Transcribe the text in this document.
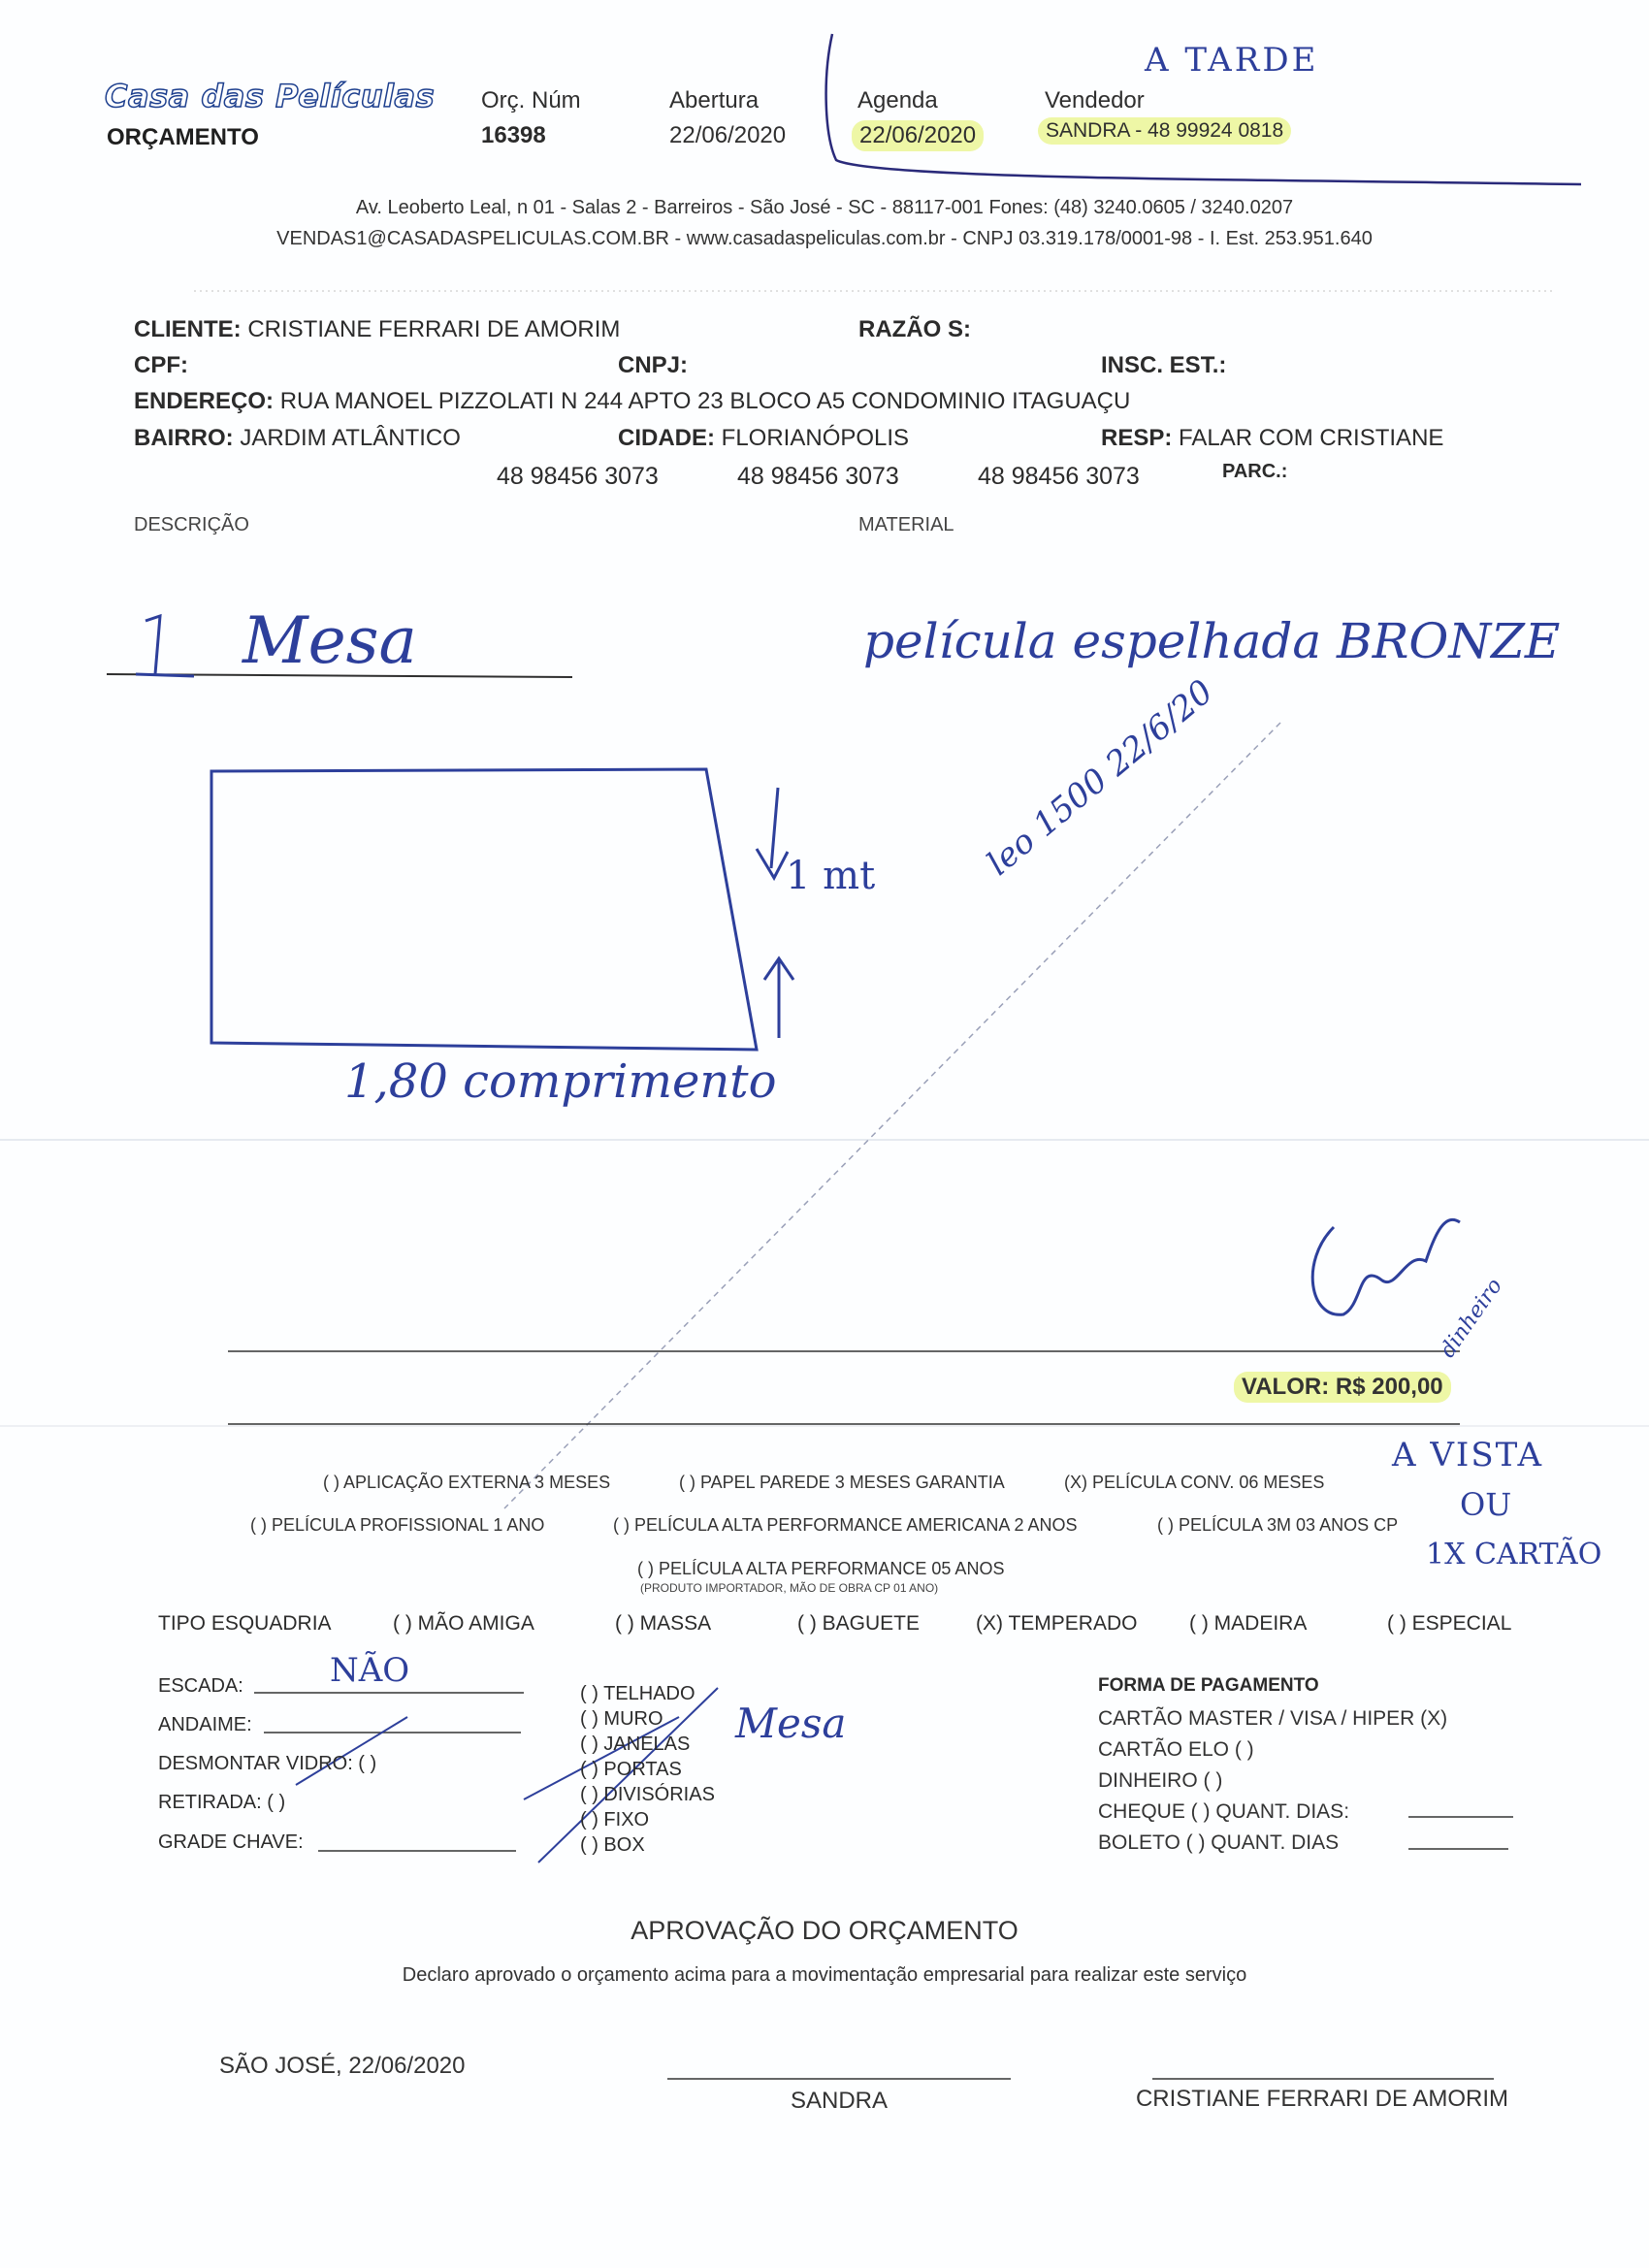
Casa das Películas
ORÇAMENTO
Orç. Núm
16398
Abertura
22/06/2020
Agenda
22/06/2020
Vendedor
SANDRA - 48 99924 0818
A TARDE
Av. Leoberto Leal, n 01 - Salas 2 - Barreiros - São José - SC - 88117-001 Fones: (48) 3240.0605 / 3240.0207
VENDAS1@CASADASPELICULAS.COM.BR - www.casadaspeliculas.com.br - CNPJ 03.319.178/0001-98 - I. Est. 253.951.640
CLIENTE: CRISTIANE FERRARI DE AMORIM	RAZÃO S:
CPF:	CNPJ:	INSC. EST.:
ENDEREÇO: RUA MANOEL PIZZOLATI N 244 APTO 23 BLOCO A5 CONDOMINIO ITAGUAÇU
BAIRRO: JARDIM ATLÂNTICO	CIDADE: FLORIANÓPOLIS	RESP: FALAR COM CRISTIANE
48 98456 3073	48 98456 3073	48 98456 3073	PARC.:
DESCRIÇÃO	MATERIAL
Mesa	película espelhada BRONZE
1 mt
1,80 comprimento
leo 1500 22/6/20
dinheiro
VALOR: R$ 200,00
( ) APLICAÇÃO EXTERNA 3 MESES	( ) PAPEL PAREDE 3 MESES GARANTIA	(X) PELÍCULA CONV. 06 MESES
( ) PELÍCULA PROFISSIONAL 1 ANO	( ) PELÍCULA ALTA PERFORMANCE AMERICANA 2 ANOS	( ) PELÍCULA 3M 03 ANOS CP
( ) PELÍCULA ALTA PERFORMANCE 05 ANOS
(PRODUTO IMPORTADOR, MÃO DE OBRA CP 01 ANO)
A VISTA
OU
1X CARTÃO
TIPO ESQUADRIA	( ) MÃO AMIGA	( ) MASSA	( ) BAGUETE	(X) TEMPERADO	( ) MADEIRA	( ) ESPECIAL
ESCADA:	NÃO
ANDAIME:
DESMONTAR VIDRO: ( )
RETIRADA: ( )
GRADE CHAVE:
( ) TELHADO
( ) MURO
( ) JANELAS
( ) PORTAS
( ) DIVISÓRIAS
( ) FIXO
( ) BOX
Mesa
FORMA DE PAGAMENTO
CARTÃO MASTER / VISA / HIPER (X)
CARTÃO ELO ( )
DINHEIRO ( )
CHEQUE ( ) QUANT. DIAS:
BOLETO ( ) QUANT. DIAS
APROVAÇÃO DO ORÇAMENTO
Declaro aprovado o orçamento acima para a movimentação empresarial para realizar este serviço
SÃO JOSÉ, 22/06/2020
SANDRA	CRISTIANE FERRARI DE AMORIM
